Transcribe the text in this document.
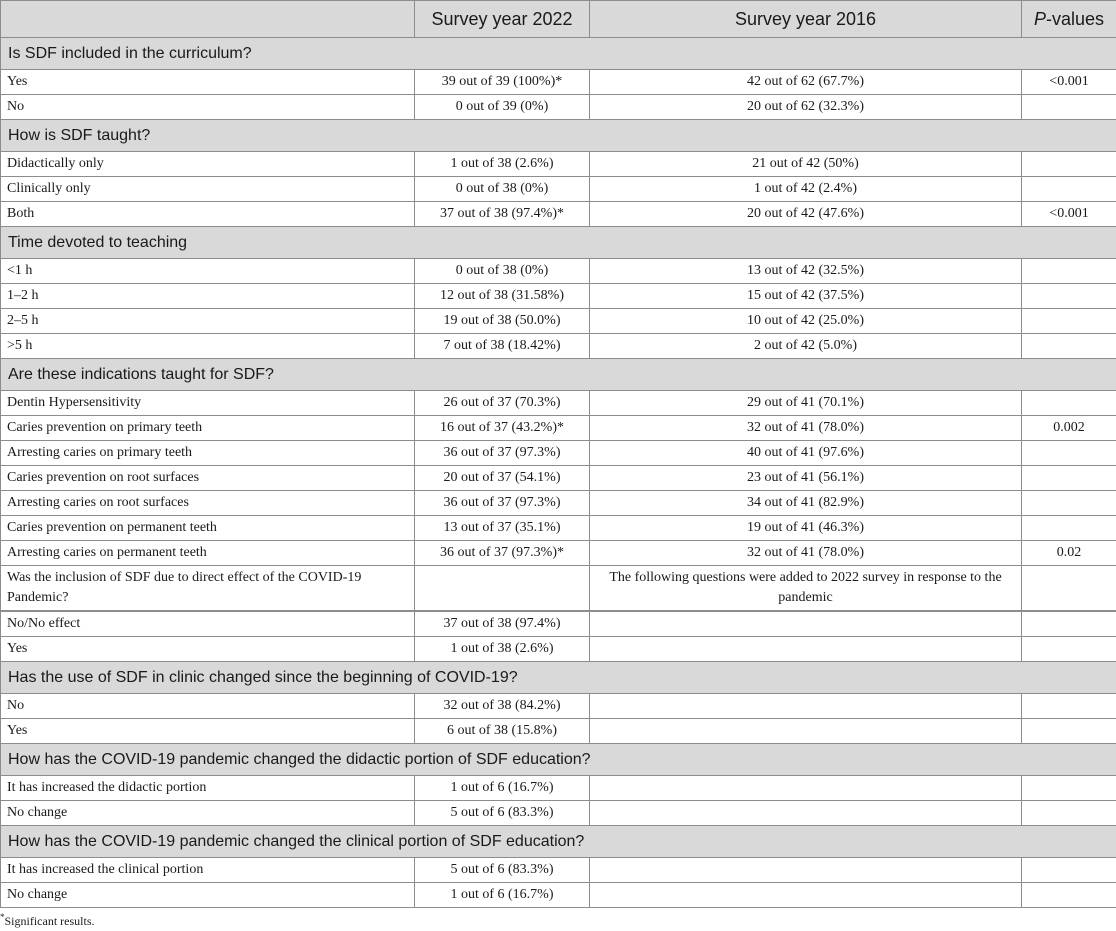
	Survey year 2022	Survey year 2016	P-values
Is SDF included in the curriculum?			
Yes	39 out of 39 (100%)*	42 out of 62 (67.7%)	<0.001
No	0 out of 39 (0%)	20 out of 62 (32.3%)	
How is SDF taught?			
Didactically only	1 out of 38 (2.6%)	21 out of 42 (50%)	
Clinically only	0 out of 38 (0%)	1 out of 42 (2.4%)	
Both	37 out of 38 (97.4%)*	20 out of 42 (47.6%)	<0.001
Time devoted to teaching			
<1 h	0 out of 38 (0%)	13 out of 42 (32.5%)	
1–2 h	12 out of 38 (31.58%)	15 out of 42 (37.5%)	
2–5 h	19 out of 38 (50.0%)	10 out of 42 (25.0%)	
>5 h	7 out of 38 (18.42%)	2 out of 42 (5.0%)	
Are these indications taught for SDF?			
Dentin Hypersensitivity	26 out of 37 (70.3%)	29 out of 41 (70.1%)	
Caries prevention on primary teeth	16 out of 37 (43.2%)*	32 out of 41 (78.0%)	0.002
Arresting caries on primary teeth	36 out of 37 (97.3%)	40 out of 41 (97.6%)	
Caries prevention on root surfaces	20 out of 37 (54.1%)	23 out of 41 (56.1%)	
Arresting caries on root surfaces	36 out of 37 (97.3%)	34 out of 41 (82.9%)	
Caries prevention on permanent teeth	13 out of 37 (35.1%)	19 out of 41 (46.3%)	
Arresting caries on permanent teeth	36 out of 37 (97.3%)*	32 out of 41 (78.0%)	0.02
Was the inclusion of SDF due to direct effect of the COVID-19 Pandemic?		The following questions were added to 2022 survey in response to the pandemic	
No/No effect	37 out of 38 (97.4%)		
Yes	1 out of 38 (2.6%)		
Has the use of SDF in clinic changed since the beginning of COVID-19?			
No	32 out of 38 (84.2%)		
Yes	6 out of 38 (15.8%)		
How has the COVID-19 pandemic changed the didactic portion of SDF education?			
It has increased the didactic portion	1 out of 6 (16.7%)		
No change	5 out of 6 (83.3%)		
How has the COVID-19 pandemic changed the clinical portion of SDF education?			
It has increased the clinical portion	5 out of 6 (83.3%)		
No change	1 out of 6 (16.7%)		

*Significant results.
